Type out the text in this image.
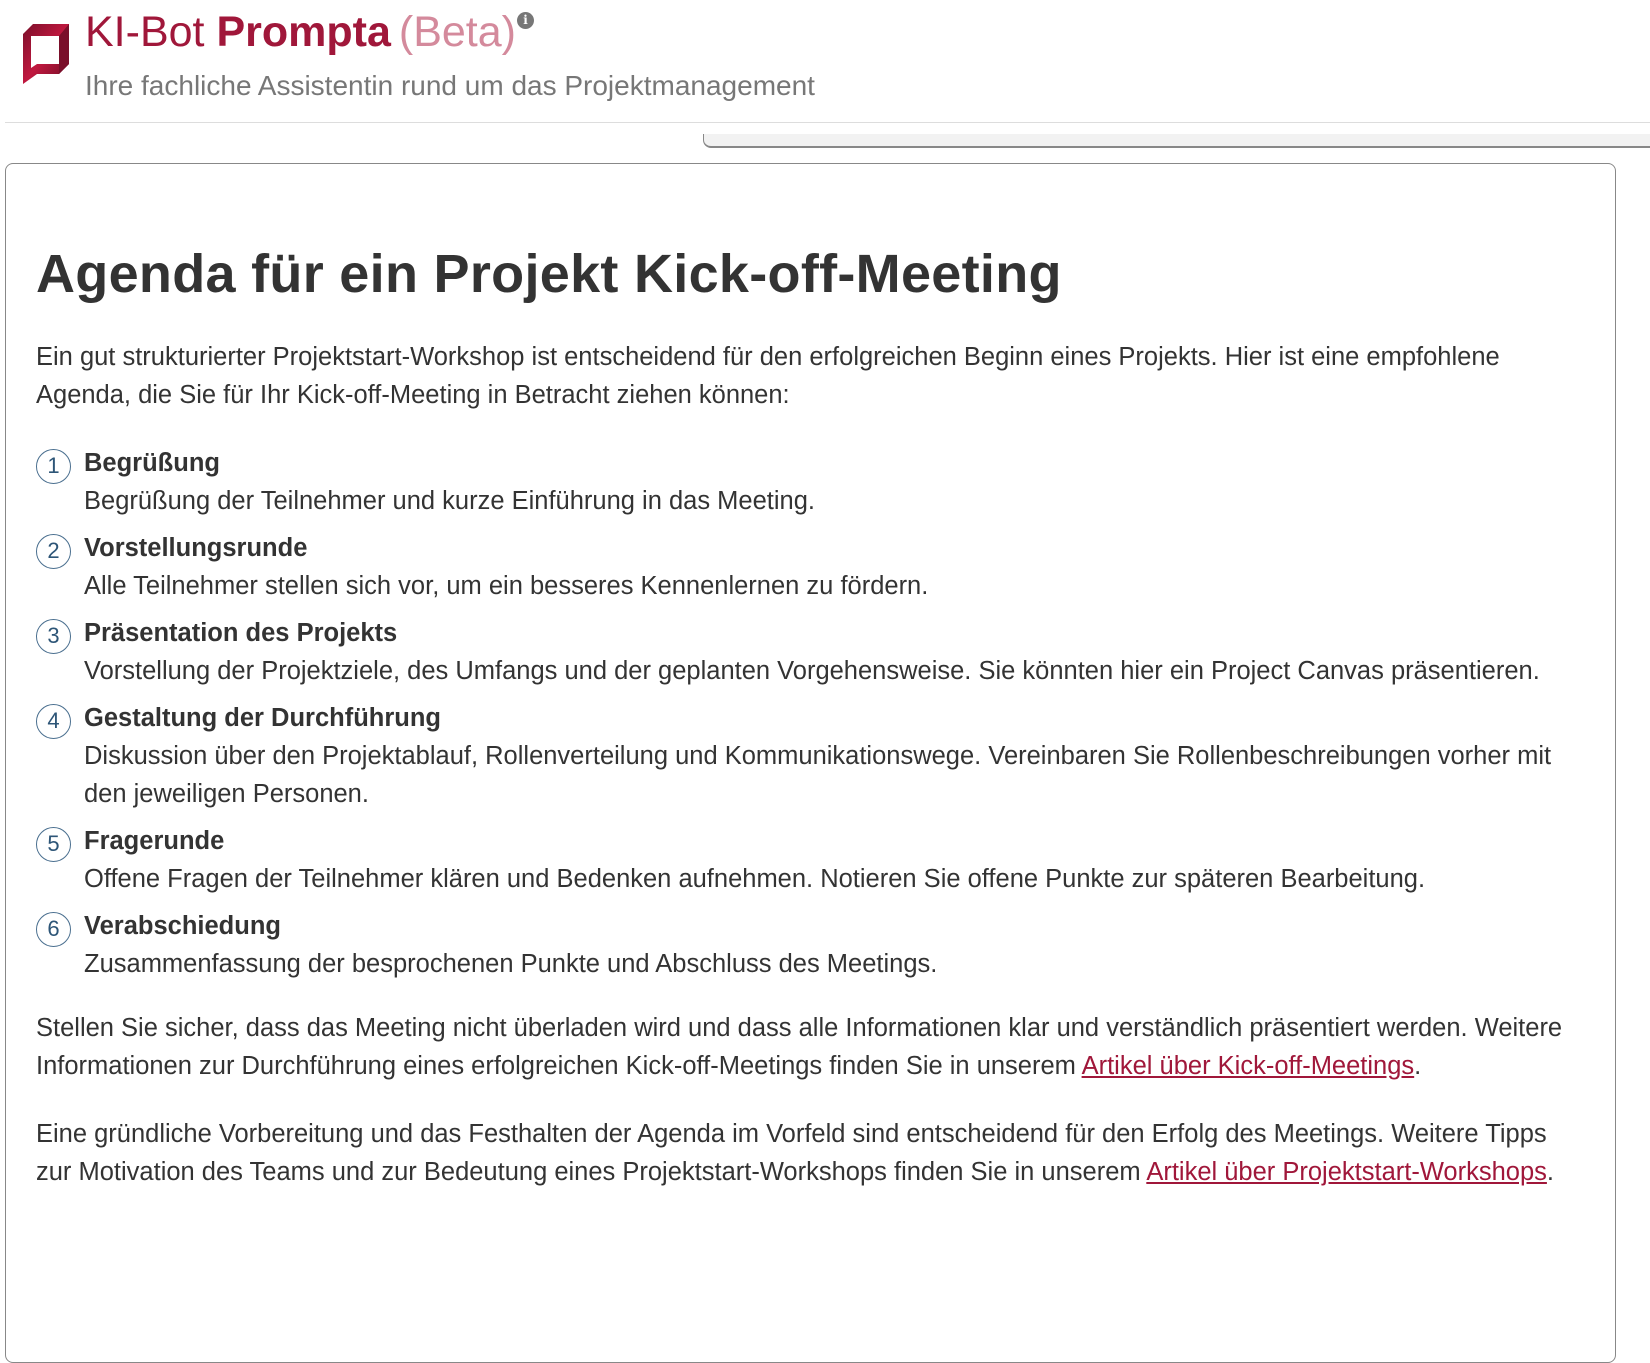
KI-Bot Prompta (Beta) i
Ihre fachliche Assistentin rund um das Projektmanagement
Agenda für ein Projekt Kick-off-Meeting

Ein gut strukturierter Projektstart-Workshop ist entscheidend für den erfolgreichen Beginn eines Projekts. Hier ist eine empfohlene Agenda, die Sie für Ihr Kick-off-Meeting in Betracht ziehen können:

1 Begrüßung
Begrüßung der Teilnehmer und kurze Einführung in das Meeting.
2 Vorstellungsrunde
Alle Teilnehmer stellen sich vor, um ein besseres Kennenlernen zu fördern.
3 Präsentation des Projekts
Vorstellung der Projektziele, des Umfangs und der geplanten Vorgehensweise. Sie könnten hier ein Project Canvas präsentieren.
4 Gestaltung der Durchführung
Diskussion über den Projektablauf, Rollenverteilung und Kommunikationswege. Vereinbaren Sie Rollenbeschreibungen vorher mit den jeweiligen Personen.
5 Fragerunde
Offene Fragen der Teilnehmer klären und Bedenken aufnehmen. Notieren Sie offene Punkte zur späteren Bearbeitung.
6 Verabschiedung
Zusammenfassung der besprochenen Punkte und Abschluss des Meetings.

Stellen Sie sicher, dass das Meeting nicht überladen wird und dass alle Informationen klar und verständlich präsentiert werden. Weitere Informationen zur Durchführung eines erfolgreichen Kick-off-Meetings finden Sie in unserem Artikel über Kick-off-Meetings.

Eine gründliche Vorbereitung und das Festhalten der Agenda im Vorfeld sind entscheidend für den Erfolg des Meetings. Weitere Tipps zur Motivation des Teams und zur Bedeutung eines Projektstart-Workshops finden Sie in unserem Artikel über Projektstart-Workshops.
